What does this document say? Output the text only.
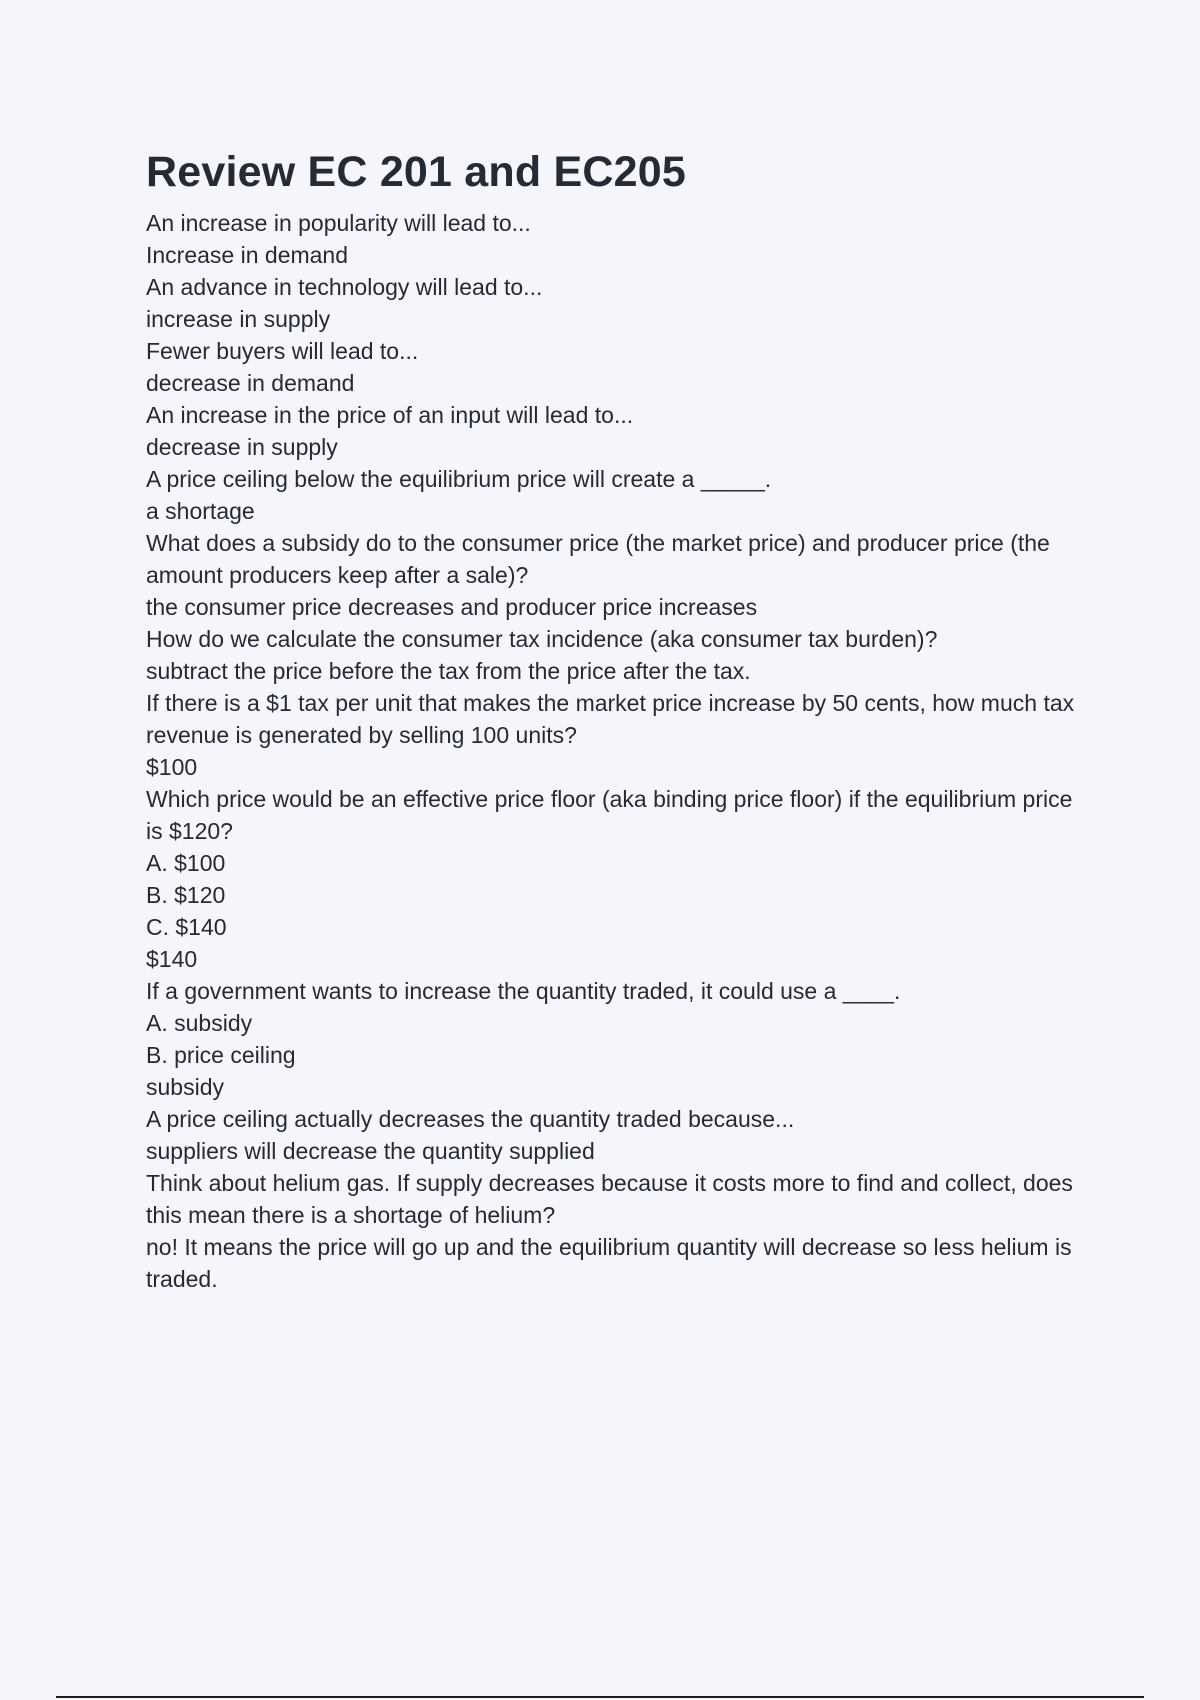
Review EC 201 and EC205
An increase in popularity will lead to...
Increase in demand
An advance in technology will lead to...
increase in supply
Fewer buyers will lead to...
decrease in demand
An increase in the price of an input will lead to...
decrease in supply
A price ceiling below the equilibrium price will create a _____.
a shortage
What does a subsidy do to the consumer price (the market price) and producer price (the amount producers keep after a sale)?
the consumer price decreases and producer price increases
How do we calculate the consumer tax incidence (aka consumer tax burden)?
subtract the price before the tax from the price after the tax.
If there is a $1 tax per unit that makes the market price increase by 50 cents, how much tax revenue is generated by selling 100 units?
$100
Which price would be an effective price floor (aka binding price floor) if the equilibrium price is $120?
A. $100
B. $120
C. $140
$140
If a government wants to increase the quantity traded, it could use a ____.
A. subsidy
B. price ceiling
subsidy
A price ceiling actually decreases the quantity traded because...
suppliers will decrease the quantity supplied
Think about helium gas. If supply decreases because it costs more to find and collect, does this mean there is a shortage of helium?
no! It means the price will go up and the equilibrium quantity will decrease so less helium is traded.
